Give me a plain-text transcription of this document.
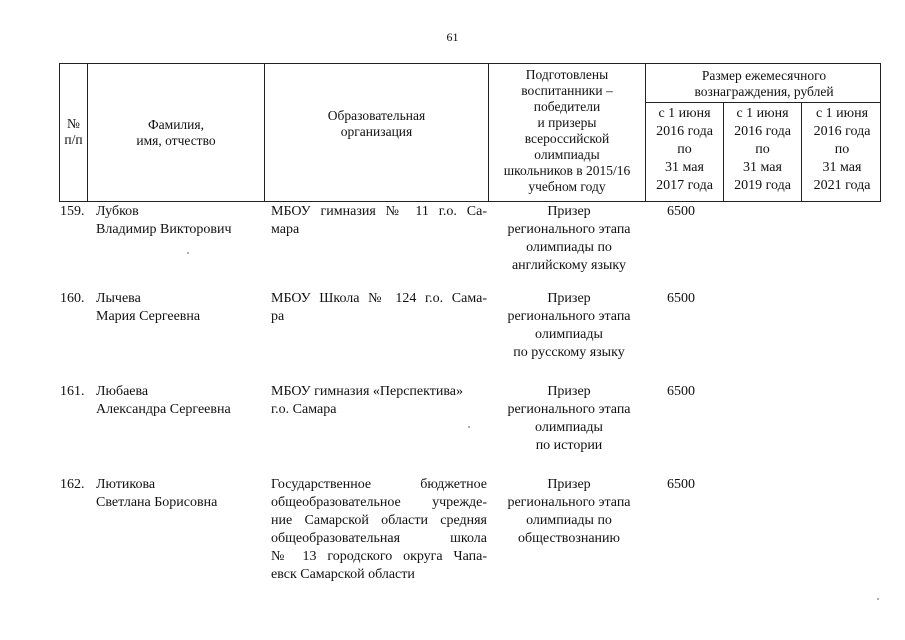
61
№
п/п
Фамилия,
имя, отчество
Образовательная
организация
Подготовлены
воспитанники –
победители
и призеры
всероссийской
олимпиады
школьников в 2015/16
учебном году
Размер ежемесячного
вознаграждения, рублей
с 1 июня
2016 года
по
31 мая
2017 года
с 1 июня
2016 года
по
31 мая
2019 года
с 1 июня
2016 года
по
31 мая
2021 года
159. Лубков
Владимир Викторович
МБОУ гимназия № 11 г.о. Са-
мара
Призер
регионального этапа
олимпиады по
английскому языку
6500
160. Лычева
Мария Сергеевна
МБОУ Школа № 124 г.о. Сама-
ра
Призер
регионального этапа
олимпиады
по русскому языку
6500
161. Любаева
Александра Сергеевна
МБОУ гимназия «Перспектива»
г.о. Самара
Призер
регионального этапа
олимпиады
по истории
6500
162. Лютикова
Светлана Борисовна
Государственное бюджетное
общеобразовательное учрежде-
ние Самарской области средняя
общеобразовательная школа
№ 13 городского округа Чапа-
евск Самарской области
Призер
регионального этапа
олимпиады по
обществознанию
6500
